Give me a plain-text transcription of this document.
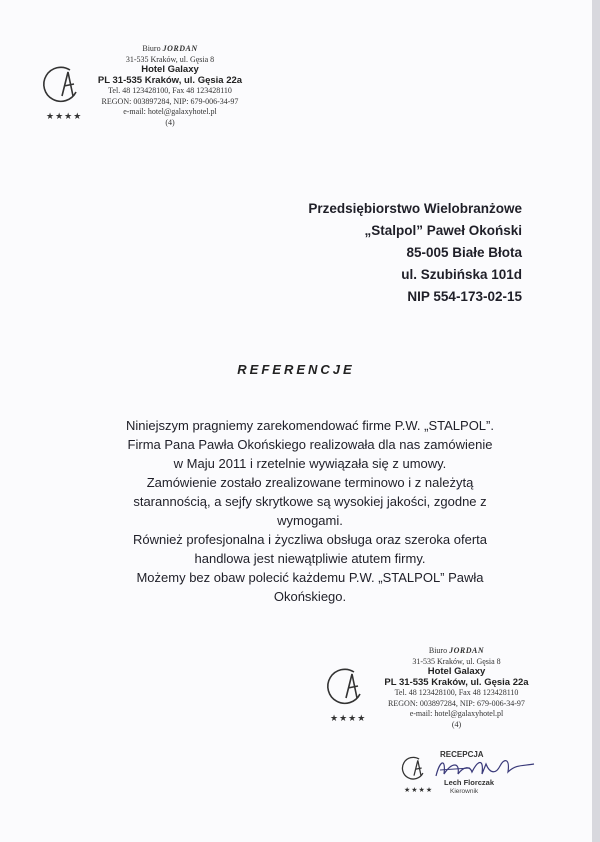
★★★★
Biuro JORDAN
31-535 Kraków, ul. Gęsia 8
Hotel Galaxy
PL 31-535 Kraków, ul. Gęsia 22a
Tel. 48 123428100, Fax 48 123428110
REGON: 003897284, NIP: 679-006-34-97
e-mail: hotel@galaxyhotel.pl
(4)
Przedsiębiorstwo Wielobranżowe
„Stalpol” Paweł Okoński
85-005 Białe Błota
ul. Szubińska 101d
NIP 554-173-02-15
REFERENCJE
Niniejszym pragniemy zarekomendować firme P.W. „STALPOL”.
Firma Pana Pawła Okońskiego realizowała dla nas zamówienie
w Maju 2011 i rzetelnie wywiązała się z umowy.
Zamówienie zostało zrealizowane terminowo i z należytą
starannością, a sejfy skrytkowe są wysokiej jakości, zgodne z
wymogami.
Również profesjonalna i życzliwa obsługa oraz szeroka oferta
handlowa jest niewątpliwie atutem firmy.
Możemy bez obaw polecić każdemu P.W. „STALPOL” Pawła
Okońskiego.
★★★★
Biuro JORDAN
31-535 Kraków, ul. Gęsia 8
Hotel Galaxy
PL 31-535 Kraków, ul. Gęsia 22a
Tel. 48 123428100, Fax 48 123428110
REGON: 003897284, NIP: 679-006-34-97
e-mail: hotel@galaxyhotel.pl
(4)
★★★★
RECEPCJA
Lech Florczak
Kierownik
